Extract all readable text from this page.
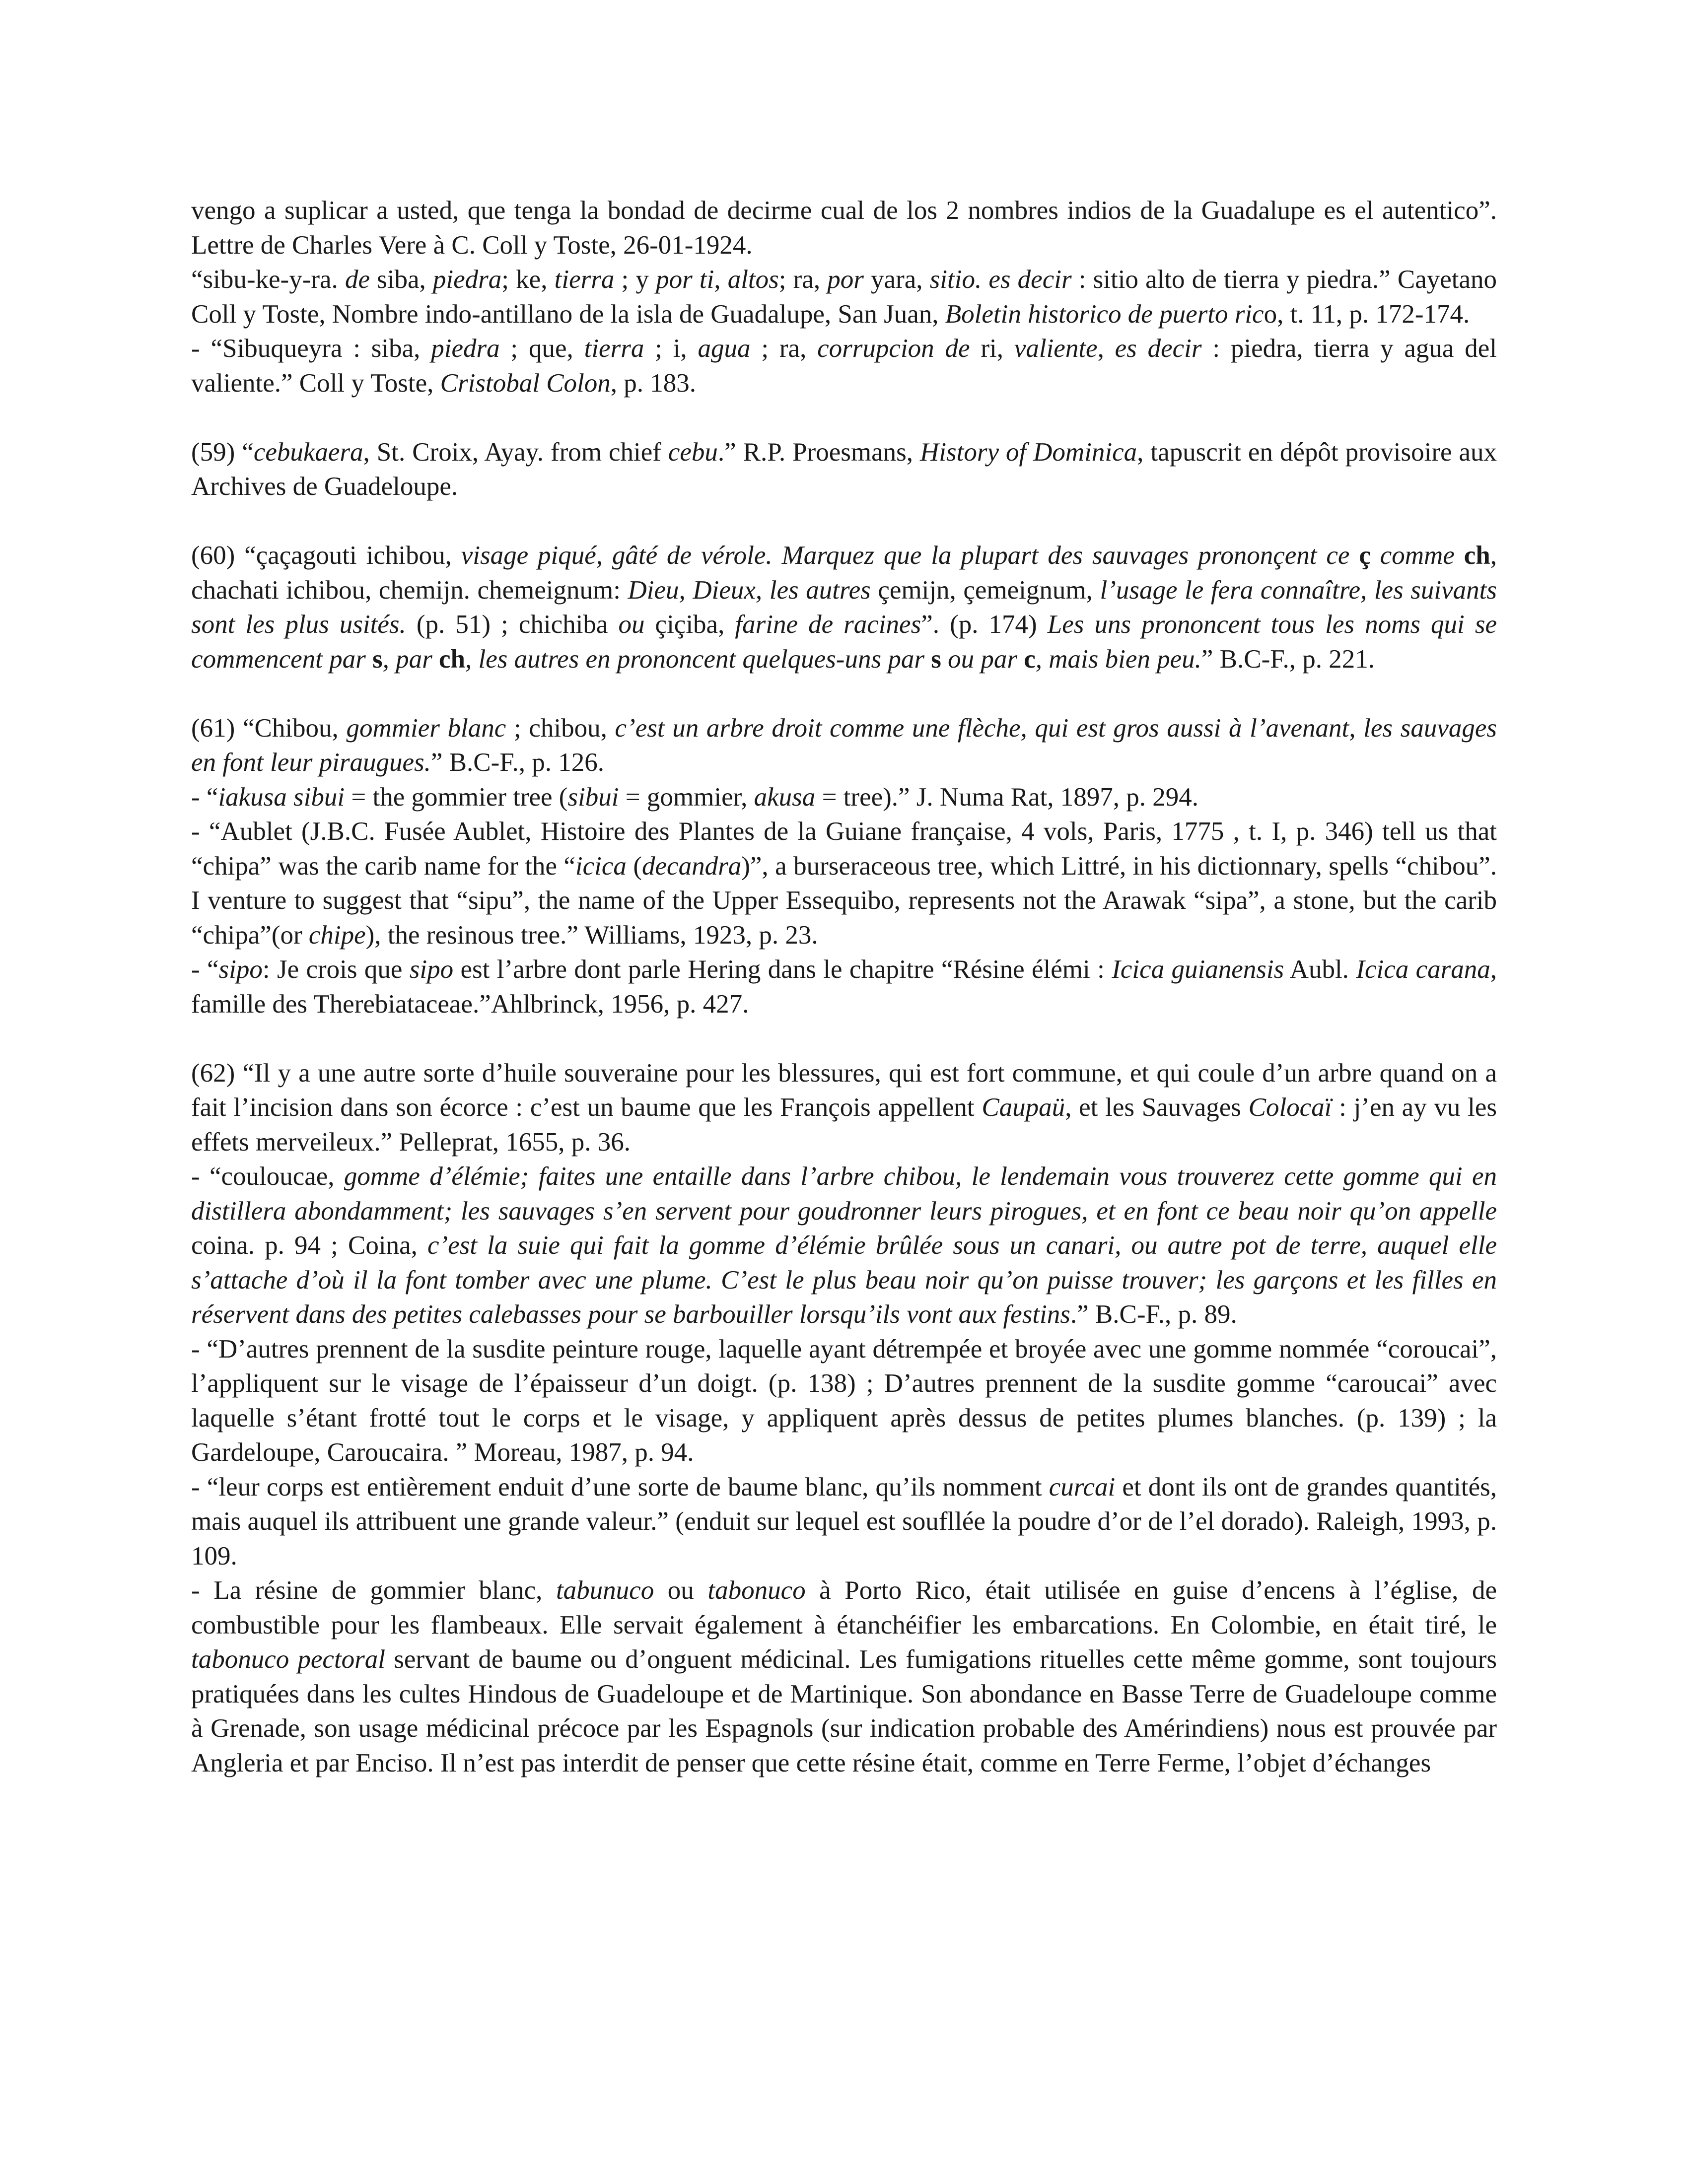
vengo a suplicar a usted, que tenga la bondad de decirme cual de los 2 nombres indios de la Guadalupe es el autentico”. Lettre de Charles Vere à C. Coll y Toste, 26-01-1924.

“sibu-ke-y-ra. de siba, piedra; ke, tierra ; y por ti, altos; ra, por yara, sitio. es decir : sitio alto de tierra y piedra.” Cayetano Coll y Toste, Nombre indo-antillano de la isla de Guadalupe, San Juan, Boletin historico de puerto rico, t. 11, p. 172-174.

- “Sibuqueyra : siba, piedra ; que, tierra ; i, agua ; ra, corrupcion de ri, valiente, es decir : piedra, tierra y agua del valiente.” Coll y Toste, Cristobal Colon, p. 183.

(59) “cebukaera, St. Croix, Ayay. from chief cebu.” R.P. Proesmans, History of Dominica, tapuscrit en dépôt provisoire aux Archives de Guadeloupe.

(60) “çaçagouti ichibou, visage piqué, gâté de vérole. Marquez que la plupart des sauvages prononçent ce ç comme ch, chachati ichibou, chemijn. chemeignum: Dieu, Dieux, les autres çemijn, çemeignum, l’usage le fera connaître, les suivants sont les plus usités. (p. 51) ; chichiba ou çiçiba, farine de racines”. (p. 174) Les uns prononcent tous les noms qui se commencent par s, par ch, les autres en prononcent quelques-uns par s ou par c, mais bien peu.” B.C-F., p. 221.

(61) “Chibou, gommier blanc ; chibou, c’est un arbre droit comme une flèche, qui est gros aussi à l’avenant, les sauvages en font leur piraugues.” B.C-F., p. 126.

- “iakusa sibui = the gommier tree (sibui = gommier, akusa = tree).” J. Numa Rat, 1897, p. 294.

- “Aublet (J.B.C. Fusée Aublet, Histoire des Plantes de la Guiane française, 4 vols, Paris, 1775 , t. I, p. 346) tell us that “chipa” was the carib name for the “icica (decandra)”, a burseraceous tree, which Littré, in his dictionnary, spells “chibou”. I venture to suggest that “sipu”, the name of the Upper Essequibo, represents not the Arawak “sipa”, a stone, but the carib “chipa”(or chipe), the resinous tree.” Williams, 1923, p. 23.

- “sipo: Je crois que sipo est l’arbre dont parle Hering dans le chapitre “Résine élémi : Icica guianensis Aubl. Icica carana, famille des Therebiataceae.”Ahlbrinck, 1956, p. 427.

(62) “Il y a une autre sorte d’huile souveraine pour les blessures, qui est fort commune, et qui coule d’un arbre quand on a fait l’incision dans son écorce : c’est un baume que les François appellent Caupaü, et les Sauvages Colocaï : j’en ay vu les effets merveileux.” Pelleprat, 1655, p. 36.

- “couloucae, gomme d’élémie; faites une entaille dans l’arbre chibou, le lendemain vous trouverez cette gomme qui en distillera abondamment; les sauvages s’en servent pour goudronner leurs pirogues, et en font ce beau noir qu’on appelle coina. p. 94 ; Coina, c’est la suie qui fait la gomme d’élémie brûlée sous un canari, ou autre pot de terre, auquel elle s’attache d’où il la font tomber avec une plume. C’est le plus beau noir qu’on puisse trouver; les garçons et les filles en réservent dans des petites calebasses pour se barbouiller lorsqu’ils vont aux festins.” B.C-F., p. 89.

- “D’autres prennent de la susdite peinture rouge, laquelle ayant détrempée et broyée avec une gomme nommée “coroucai”, l’appliquent sur le visage de l’épaisseur d’un doigt. (p. 138) ; D’autres prennent de la susdite gomme “caroucai” avec laquelle s’étant frotté tout le corps et le visage, y appliquent après dessus de petites plumes blanches. (p. 139) ; la Gardeloupe, Caroucaira. ” Moreau, 1987, p. 94.

- “leur corps est entièrement enduit d’une sorte de baume blanc, qu’ils nomment curcai et dont ils ont de grandes quantités, mais auquel ils attribuent une grande valeur.” (enduit sur lequel est soufllée la poudre d’or de l’el dorado). Raleigh, 1993, p. 109.

- La résine de gommier blanc, tabunuco ou tabonuco à Porto Rico, était utilisée en guise d’encens à l’église, de combustible pour les flambeaux. Elle servait également à étanchéifier les embarcations. En Colombie, en était tiré, le tabonuco pectoral servant de baume ou d’onguent médicinal. Les fumigations rituelles cette même gomme, sont toujours pratiquées dans les cultes Hindous de Guadeloupe et de Martinique. Son abondance en Basse Terre de Guadeloupe comme à Grenade, son usage médicinal précoce par les Espagnols (sur indication probable des Amérindiens) nous est prouvée par Angleria et par Enciso. Il n’est pas interdit de penser que cette résine était, comme en Terre Ferme, l’objet d’échanges
